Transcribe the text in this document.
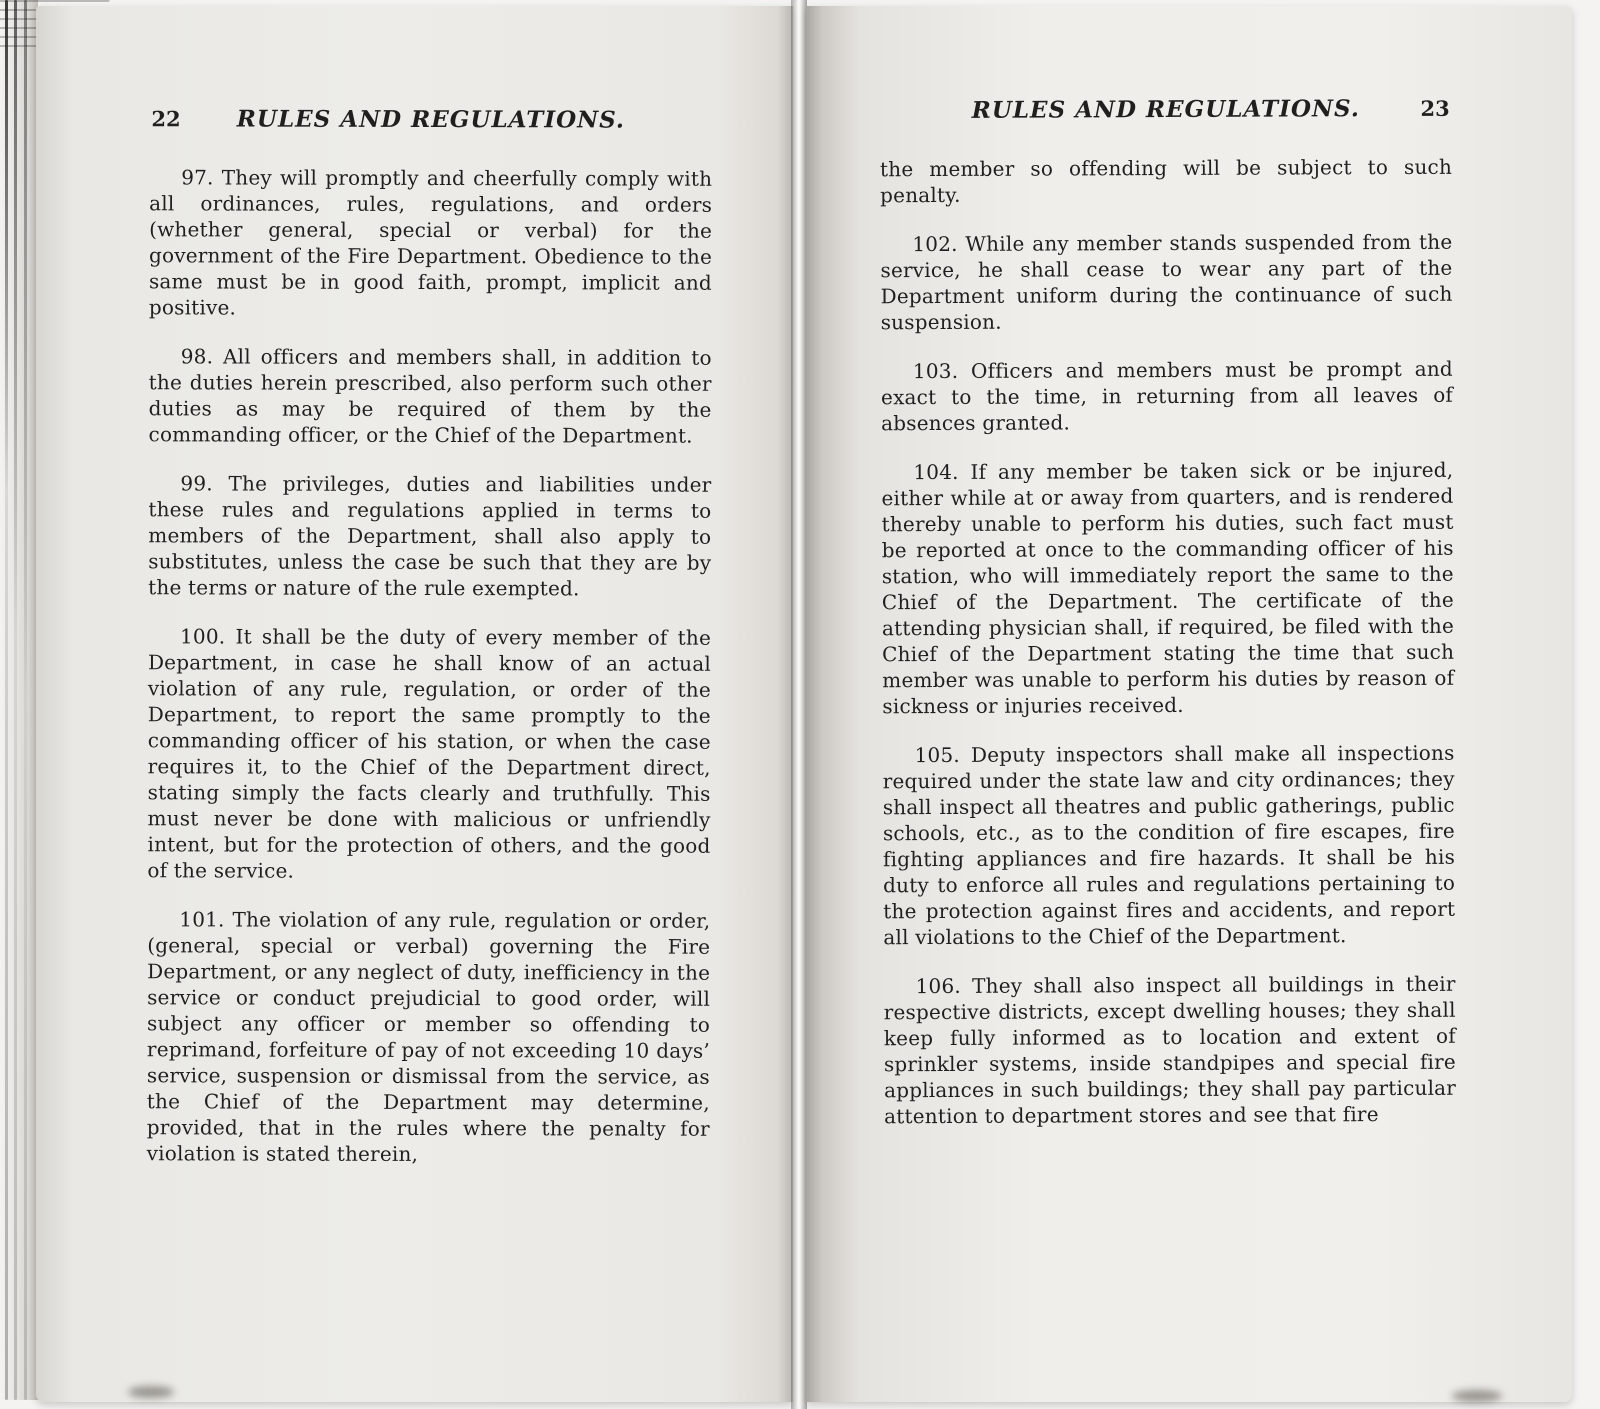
22 RULES AND REGULATIONS.

97. They will promptly and cheerfully comply with all ordinances, rules, regulations, and orders (whether general, special or verbal) for the government of the Fire Department. Obedience to the same must be in good faith, prompt, implicit and positive.

98. All officers and members shall, in addition to the duties herein prescribed, also perform such other duties as may be required of them by the commanding officer, or the Chief of the Department.

99. The privileges, duties and liabilities under these rules and regulations applied in terms to members of the Department, shall also apply to substitutes, unless the case be such that they are by the terms or nature of the rule exempted.

100. It shall be the duty of every member of the Department, in case he shall know of an actual violation of any rule, regulation, or order of the Department, to report the same promptly to the commanding officer of his station, or when the case requires it, to the Chief of the Department direct, stating simply the facts clearly and truthfully. This must never be done with malicious or unfriendly intent, but for the protection of others, and the good of the service.

101. The violation of any rule, regulation or order, (general, special or verbal) governing the Fire Department, or any neglect of duty, inefficiency in the service or conduct prejudicial to good order, will subject any officer or member so offending to reprimand, forfeiture of pay of not exceeding 10 days’ service, suspension or dismissal from the service, as the Chief of the Department may determine, provided, that in the rules where the penalty for violation is stated therein,

RULES AND REGULATIONS.	23

the member so offending will be subject to such penalty.

102. While any member stands suspended from the service, he shall cease to wear any part of the Department uniform during the continuance of such suspension.

103. Officers and members must be prompt and exact to the time, in returning from all leaves of absences granted.

104. If any member be taken sick or be injured, either while at or away from quarters, and is rendered thereby unable to perform his duties, such fact must be reported at once to the commanding officer of his station, who will immediately report the same to the Chief of the Department. The certificate of the attending physician shall, if required, be filed with the Chief of the Department stating the time that such member was unable to perform his duties by reason of sickness or injuries received.

105. Deputy inspectors shall make all inspections required under the state law and city ordinances; they shall inspect all theatres and public gatherings, public schools, etc., as to the condition of fire escapes, fire fighting appliances and fire hazards. It shall be his duty to enforce all rules and regulations pertaining to the protection against fires and accidents, and report all violations to the Chief of the Department.

106. They shall also inspect all buildings in their respective districts, except dwelling houses; they shall keep fully informed as to location and extent of sprinkler systems, inside standpipes and special fire appliances in such buildings; they shall pay particular attention to department stores and see that fire
